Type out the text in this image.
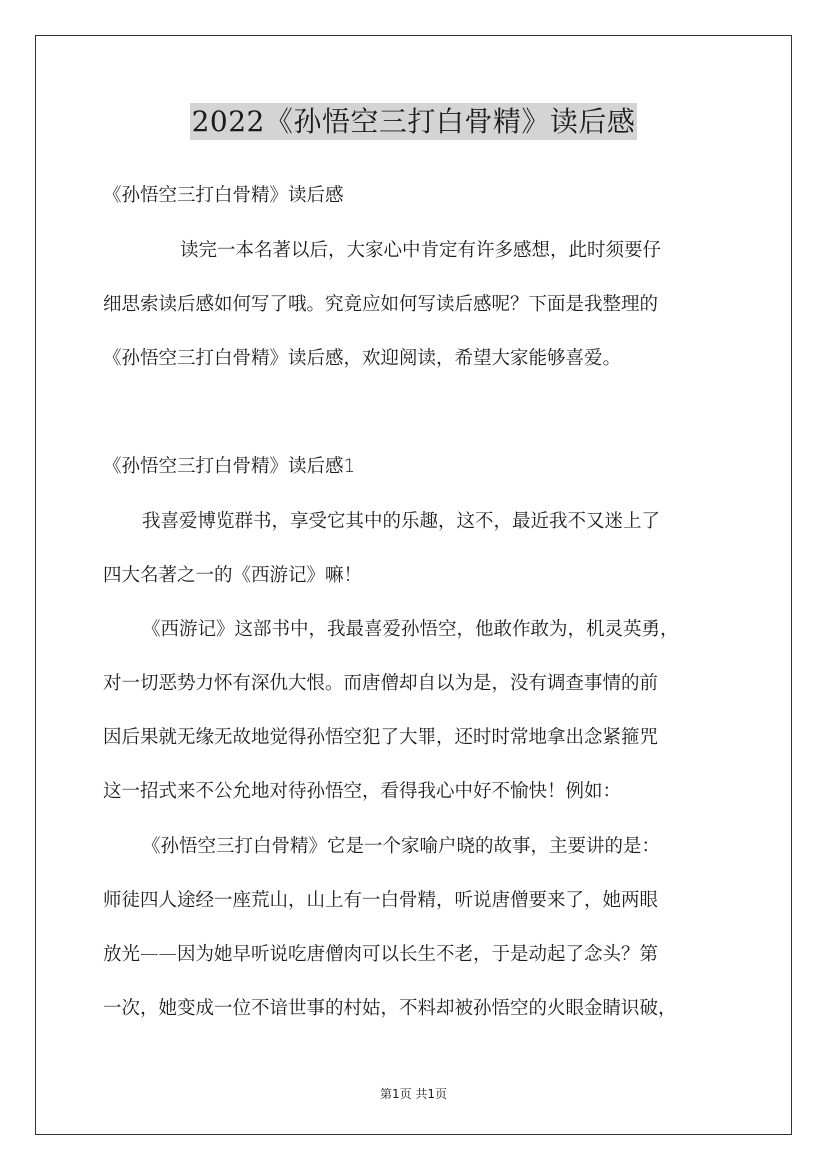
2022《孙悟空三打白骨精》读后感
《孙悟空三打白骨精》读后感
读完一本名著以后，大家心中肯定有许多感想，此时须要仔
细思索读后感如何写了哦。究竟应如何写读后感呢？下面是我整理的
《孙悟空三打白骨精》读后感，欢迎阅读，希望大家能够喜爱。
《孙悟空三打白骨精》读后感1
我喜爱博览群书，享受它其中的乐趣，这不，最近我不又迷上了
四大名著之一的《西游记》嘛！
《西游记》这部书中，我最喜爱孙悟空，他敢作敢为，机灵英勇，
对一切恶势力怀有深仇大恨。而唐僧却自以为是，没有调查事情的前
因后果就无缘无故地觉得孙悟空犯了大罪，还时时常地拿出念紧箍咒
这一招式来不公允地对待孙悟空，看得我心中好不愉快！例如：
《孙悟空三打白骨精》它是一个家喻户晓的故事，主要讲的是：
师徒四人途经一座荒山，山上有一白骨精，听说唐僧要来了，她两眼
放光——因为她早听说吃唐僧肉可以长生不老，于是动起了念头？第
一次，她变成一位不谙世事的村姑，不料却被孙悟空的火眼金睛识破，
第1页 共1页
